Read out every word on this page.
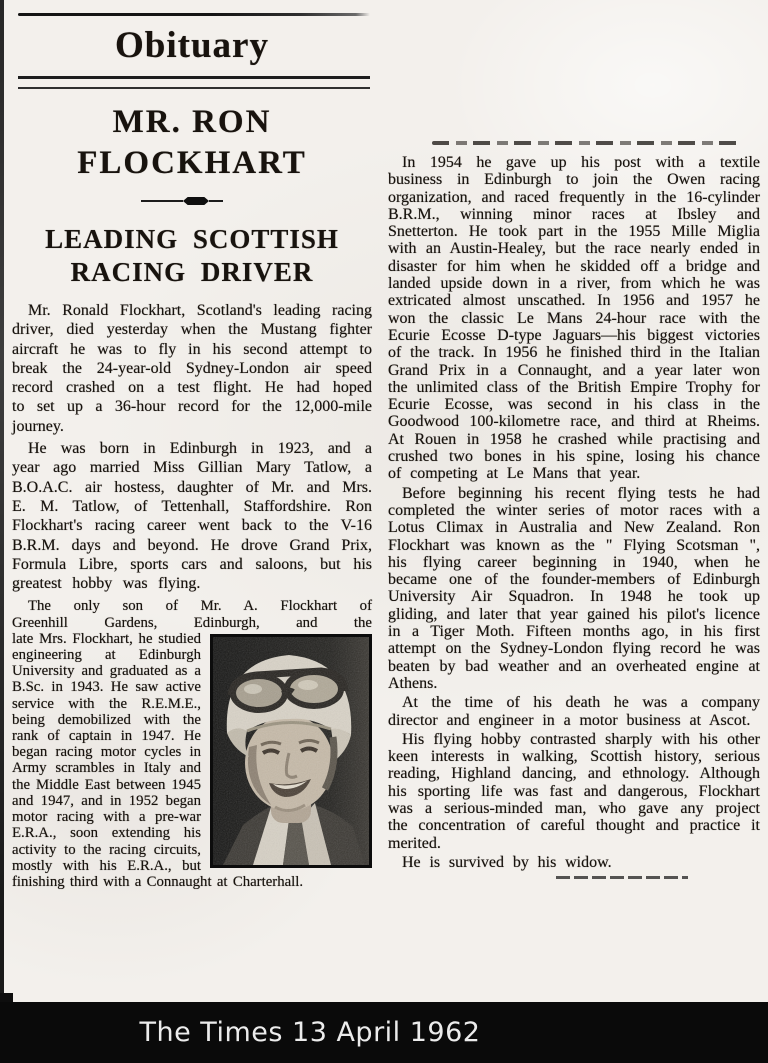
Obituary
MR. RON
FLOCKHART
LEADING SCOTTISH
RACING DRIVER

Mr. Ronald Flockhart, Scotland's leading racing driver, died yesterday when the Mustang fighter aircraft he was to fly in his second attempt to break the 24-year-old Sydney-London air speed record crashed on a test flight. He had hoped to set up a 36-hour record for the 12,000-mile journey.

He was born in Edinburgh in 1923, and a year ago married Miss Gillian Mary Tatlow, a B.O.A.C. air hostess, daughter of Mr. and Mrs. E. M. Tatlow, of Tettenhall, Staffordshire. Ron Flockhart's racing career went back to the V-16 B.R.M. days and beyond. He drove Grand Prix, Formula Libre, sports cars and saloons, but his greatest hobby was flying.

The only son of Mr. A. Flockhart of
Greenhill Gardens, Edinburgh, and the
late Mrs. Flockhart, he studied engineering at Edinburgh University and graduated as a B.Sc. in 1943. He saw active service with the R.E.M.E., being demobilized with the rank of captain in 1947. He began racing motor cycles in Army scrambles in Italy and the Middle East between 1945 and 1947, and in 1952 began motor racing with a pre-war E.R.A., soon extending his activity to the racing circuits, mostly with his E.R.A., but finishing third with a Connaught at Charterhall.

In 1954 he gave up his post with a textile business in Edinburgh to join the Owen racing organization, and raced frequently in the 16-cylinder B.R.M., winning minor races at Ibsley and Snetterton. He took part in the 1955 Mille Miglia with an Austin-Healey, but the race nearly ended in disaster for him when he skidded off a bridge and landed upside down in a river, from which he was extricated almost unscathed. In 1956 and 1957 he won the classic Le Mans 24-hour race with the Ecurie Ecosse D-type Jaguars—his biggest victories of the track. In 1956 he finished third in the Italian Grand Prix in a Connaught, and a year later won the unlimited class of the British Empire Trophy for Ecurie Ecosse, was second in his class in the Goodwood 100-kilometre race, and third at Rheims. At Rouen in 1958 he crashed while practising and crushed two bones in his spine, losing his chance of competing at Le Mans that year.

Before beginning his recent flying tests he had completed the winter series of motor races with a Lotus Climax in Australia and New Zealand. Ron Flockhart was known as the " Flying Scotsman ", his flying career beginning in 1940, when he became one of the founder-members of Edinburgh University Air Squadron. In 1948 he took up gliding, and later that year gained his pilot's licence in a Tiger Moth. Fifteen months ago, in his first attempt on the Sydney-London flying record he was beaten by bad weather and an overheated engine at Athens.

At the time of his death he was a company director and engineer in a motor business at Ascot.

His flying hobby contrasted sharply with his other keen interests in walking, Scottish history, serious reading, Highland dancing, and ethnology. Although his sporting life was fast and dangerous, Flockhart was a serious-minded man, who gave any project the concentration of careful thought and practice it merited.

He is survived by his widow.

The Times 13 April 1962
